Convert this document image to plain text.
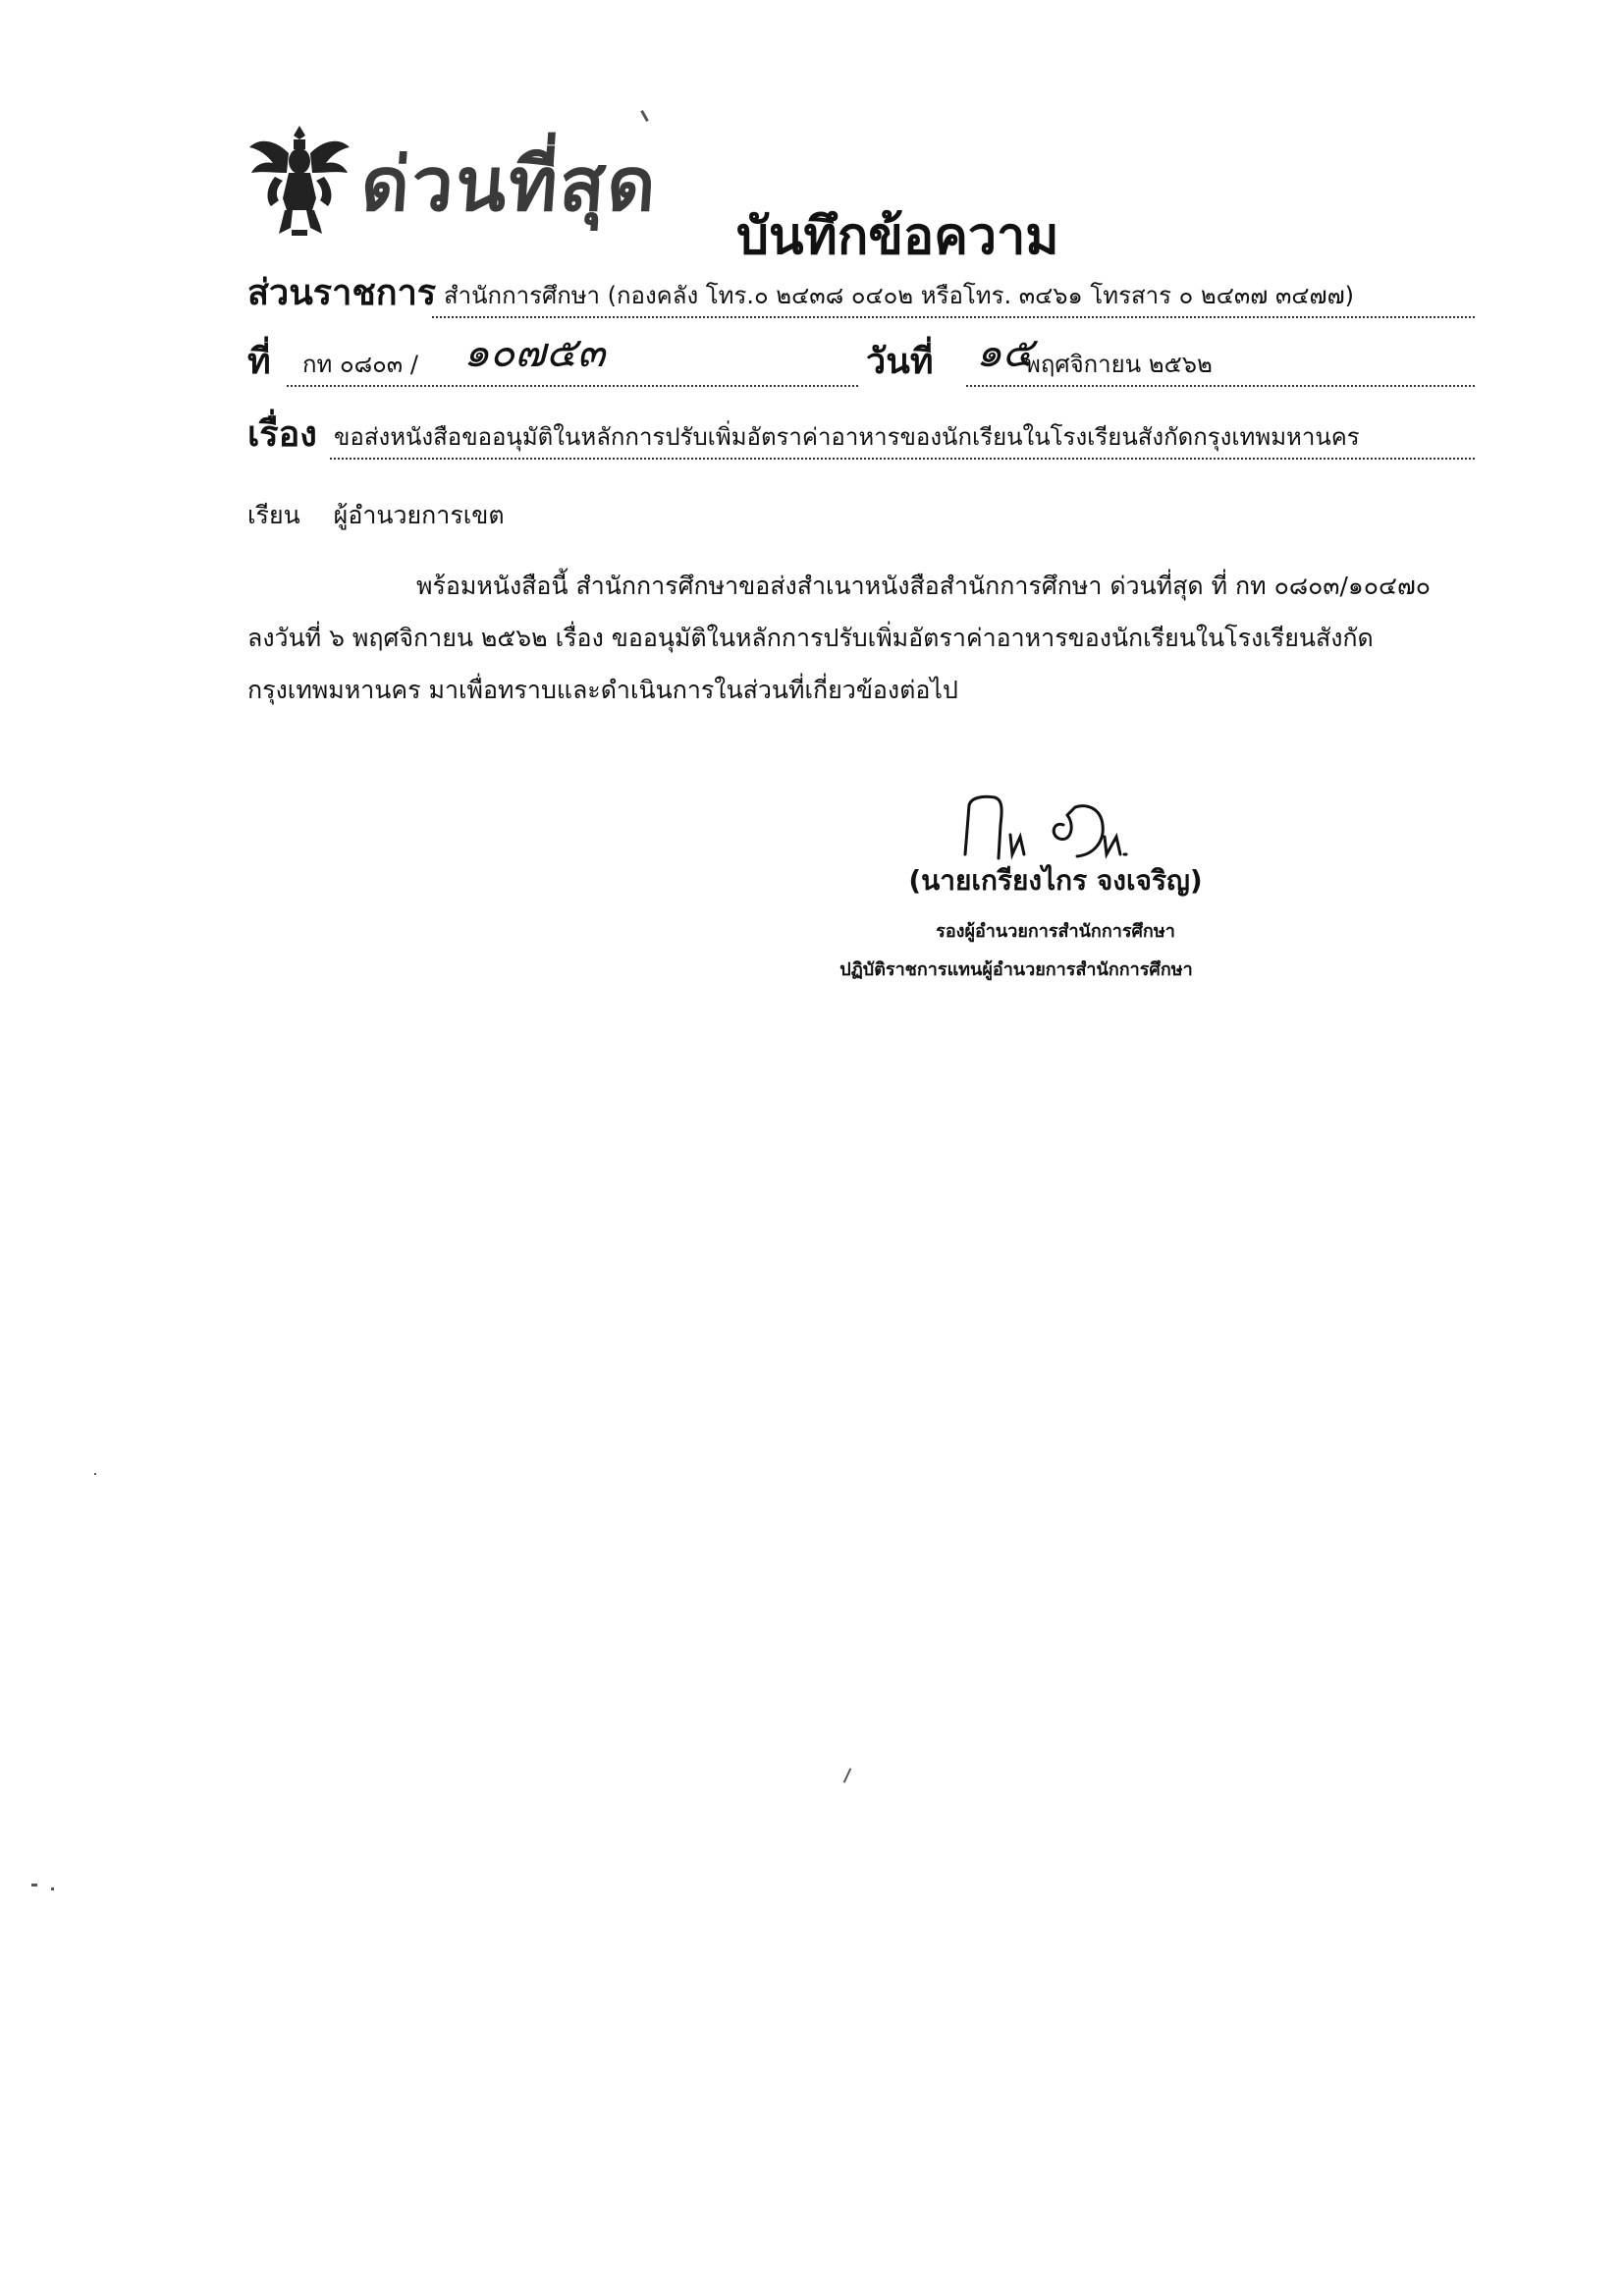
ด่วนที่สุด
บันทึกข้อความ
ส่วนราชการ สำนักการศึกษา (กองคลัง โทร.๐ ๒๔๓๘ ๐๔๐๒ หรือโทร. ๓๔๖๑ โทรสาร ๐ ๒๔๓๗ ๓๔๗๗)
ที่ กท ๐๘๐๓ / ๑๐๗๕๓	วันที่ ๑๕
พฤศจิกายน ๒๕๖๒
เรื่อง ขอส่งหนังสือขออนุมัติในหลักการปรับเพิ่มอัตราค่าอาหารของนักเรียนในโรงเรียนสังกัดกรุงเทพมหานคร
เรียน ผู้อำนวยการเขต
พร้อมหนังสือนี้ สำนักการศึกษาขอส่งสำเนาหนังสือสำนักการศึกษา ด่วนที่สุด ที่ กท ๐๘๐๓/๑๐๔๗๐
ลงวันที่ ๖ พฤศจิกายน ๒๕๖๒ เรื่อง ขออนุมัติในหลักการปรับเพิ่มอัตราค่าอาหารของนักเรียนในโรงเรียนสังกัด
กรุงเทพมหานคร มาเพื่อทราบและดำเนินการในส่วนที่เกี่ยวข้องต่อไป
(นายเกรียงไกร จงเจริญ)
รองผู้อำนวยการสำนักการศึกษา
ปฏิบัติราชการแทนผู้อำนวยการสำนักการศึกษา
